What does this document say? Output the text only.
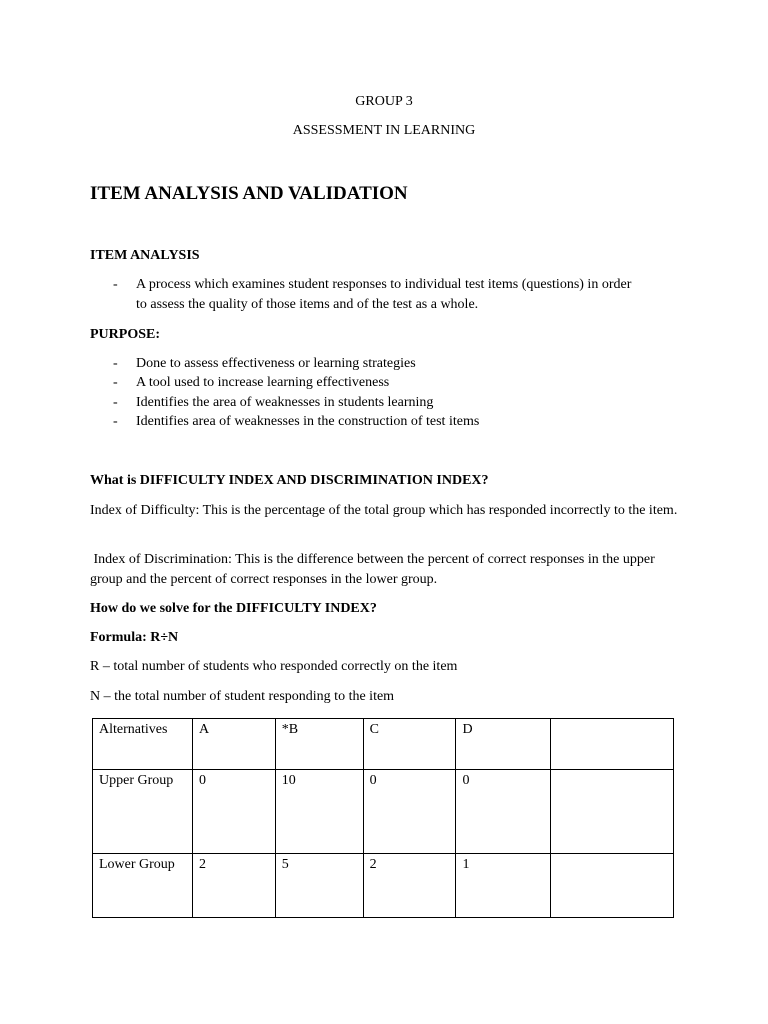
GROUP 3
ASSESSMENT IN LEARNING
ITEM ANALYSIS AND VALIDATION
ITEM ANALYSIS
- A process which examines student responses to individual test items (questions) in order
to assess the quality of those items and of the test as a whole.
PURPOSE:
- Done to assess effectiveness or learning strategies
- A tool used to increase learning effectiveness
- Identifies the area of weaknesses in students learning
- Identifies area of weaknesses in the construction of test items
What is DIFFICULTY INDEX AND DISCRIMINATION INDEX?
Index of Difficulty: This is the percentage of the total group which has responded incorrectly to the item.
Index of Discrimination: This is the difference between the percent of correct responses in the upper group and the percent of correct responses in the lower group.
How do we solve for the DIFFICULTY INDEX?
Formula: R÷N
R – total number of students who responded correctly on the item
N – the total number of student responding to the item
Alternatives	A	*B	C	D	
Upper Group	0	10	0	0	
Lower Group	2	5	2	1	
